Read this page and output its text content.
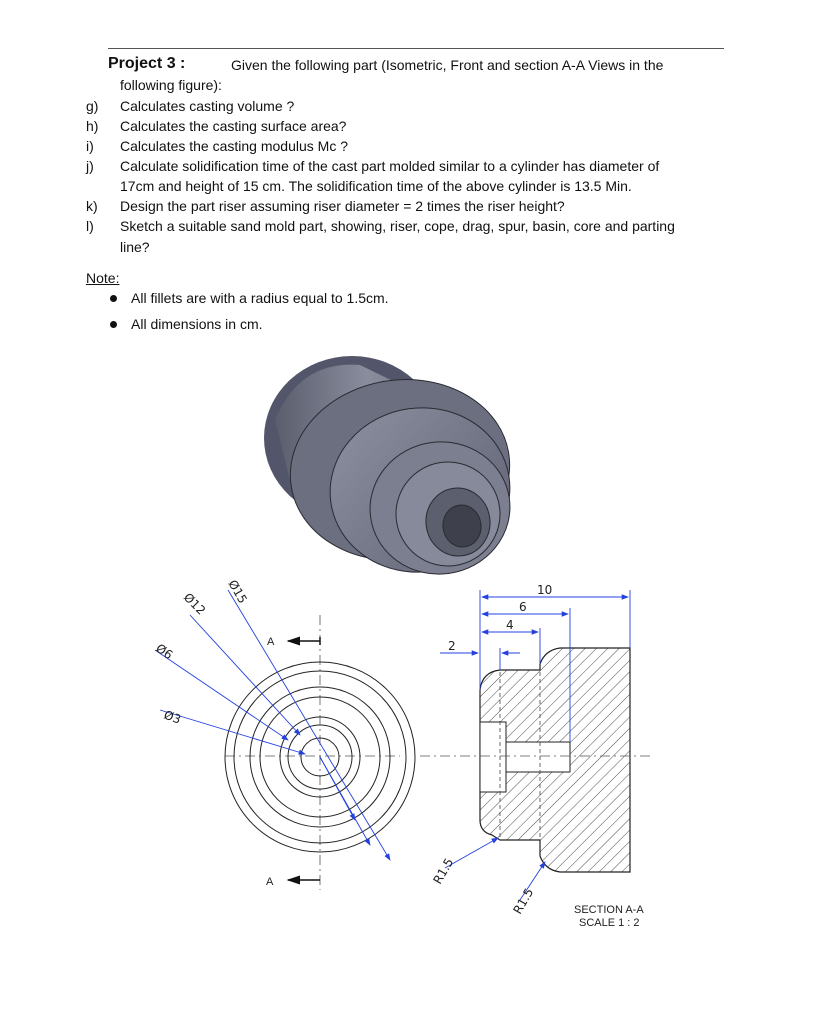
Project 3 :	Given the following part (Isometric, Front and section A-A Views in the
following figure):
g)	Calculates casting volume ?
h)	Calculates the casting surface area?
i)	Calculates the casting modulus Mc ?
j)	Calculate solidification time of the cast part molded similar to a cylinder has diameter of
17cm and height of 15 cm. The solidification time of the above cylinder is 13.5 Min.
k)	Design the part riser assuming riser diameter = 2 times the riser height?
l)	Sketch a suitable sand mold part, showing, riser, cope, drag, spur, basin, core and parting
line?
Note:
All fillets are with a radius equal to 1.5cm.
All dimensions in cm.
Ø15
Ø12
Ø6
Ø3
A
A
10
6
4
2
R1.5
R1.5	SECTION A-A
SCALE 1 : 2
